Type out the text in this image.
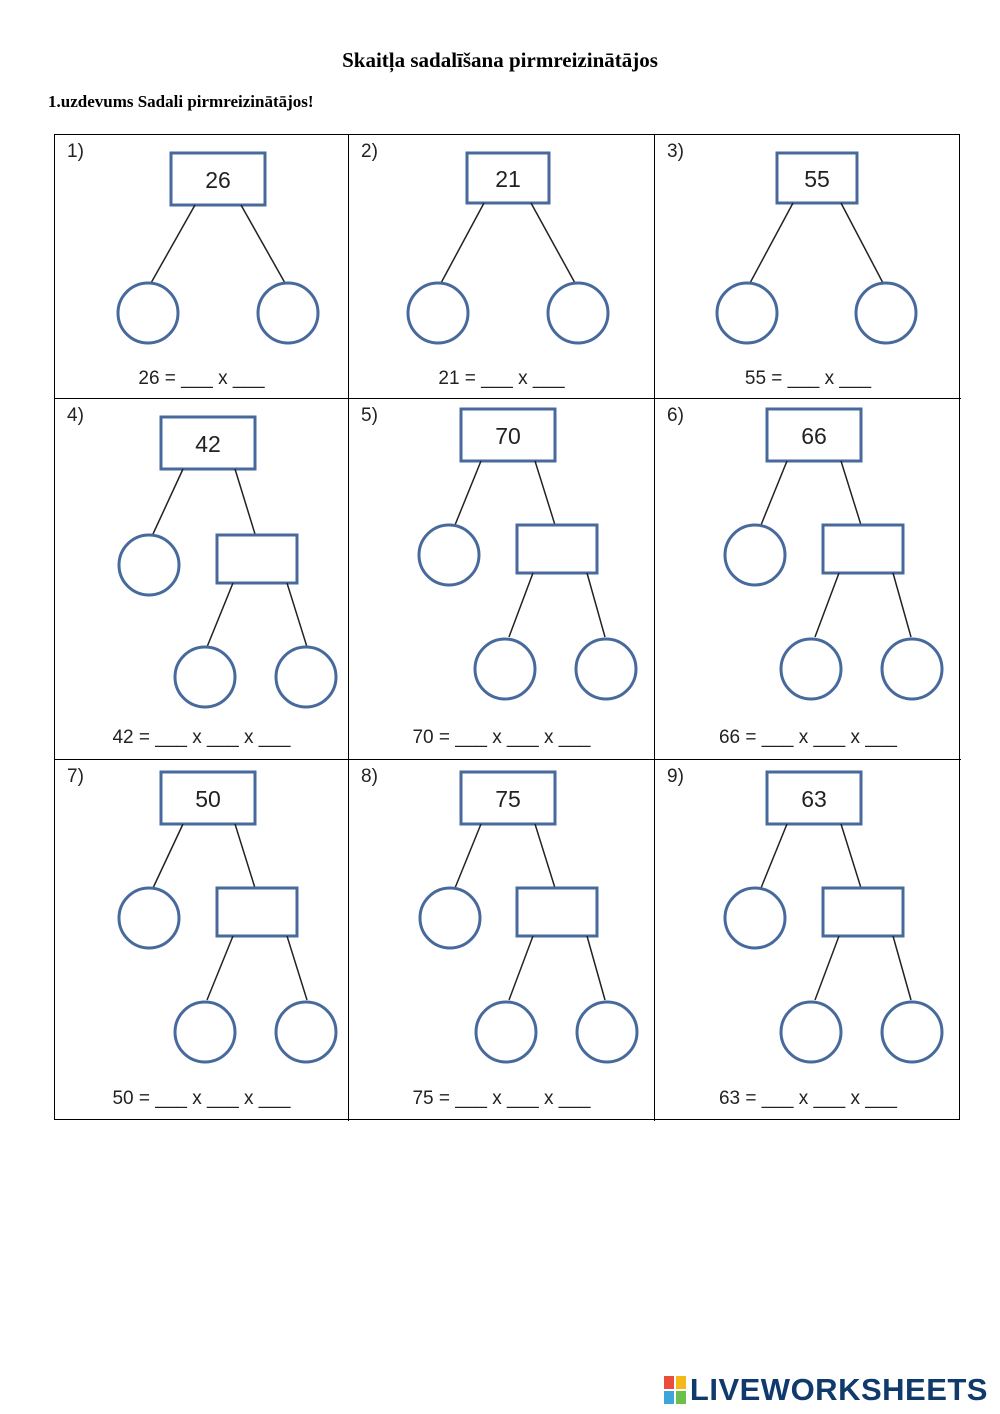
Skaitļa sadalīšana pirmreizinātājos
1.uzdevums Sadali pirmreizinātājos!
1)
26
26 = ___ x ___
2)
21
21 = ___ x ___
3)
55
55 = ___ x ___
4)
42
42 = ___ x ___ x ___
5)
70
70 = ___ x ___ x ___
6)
66
66 = ___ x ___ x ___
7)
50
50 = ___ x ___ x ___
8)
75
75 = ___ x ___ x ___
9)
63
63 = ___ x ___ x ___
LIVEWORKSHEETS
